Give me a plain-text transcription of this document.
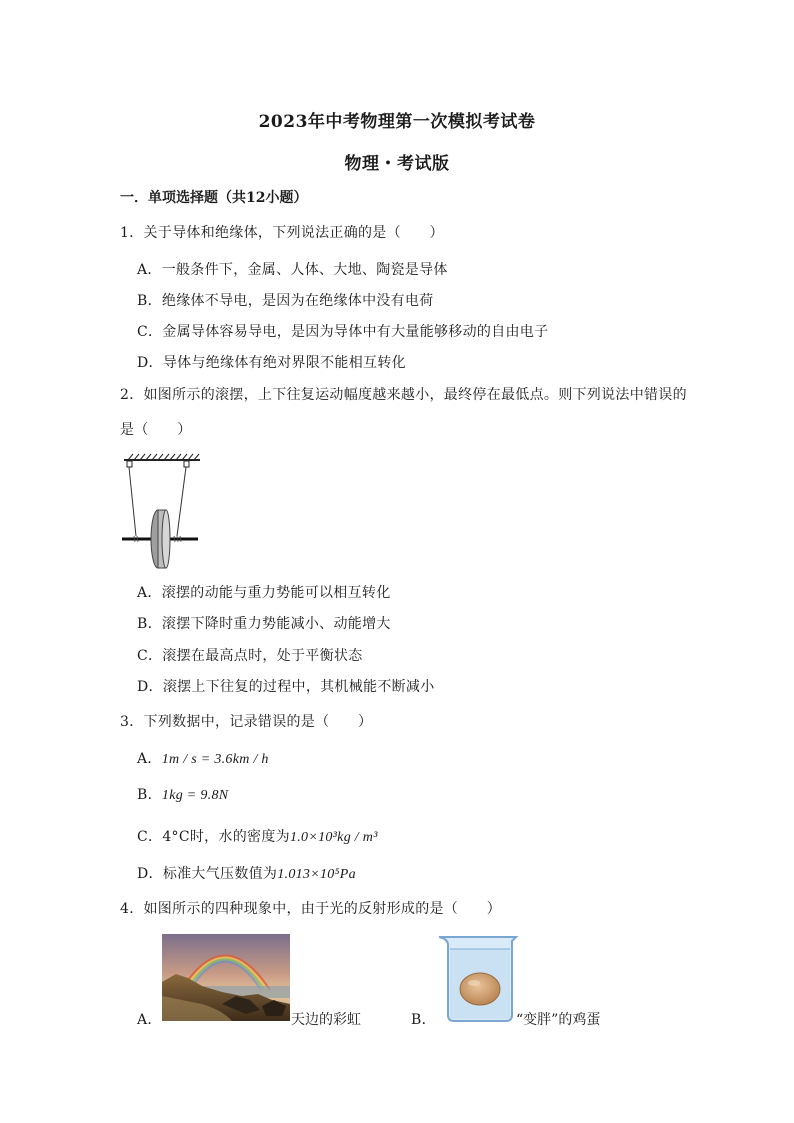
2023年中考物理第一次模拟考试卷
物理・考试版
一．单项选择题（共12小题）
1．关于导体和绝缘体，下列说法正确的是（　　）
A．一般条件下，金属、人体、大地、陶瓷是导体
B．绝缘体不导电，是因为在绝缘体中没有电荷
C．金属导体容易导电，是因为导体中有大量能够移动的自由电子
D．导体与绝缘体有绝对界限不能相互转化
2．如图所示的滚摆，上下往复运动幅度越来越小，最终停在最低点。则下列说法中错误的
是（　　）
A．滚摆的动能与重力势能可以相互转化
B．滚摆下降时重力势能减小、动能增大
C．滚摆在最高点时，处于平衡状态
D．滚摆上下往复的过程中，其机械能不断减小
3．下列数据中，记录错误的是（　　）
A．1m / s = 3.6km / h
B．1kg = 9.8N
C．4°C时，水的密度为1.0×10³kg / m³
D．标准大气压数值为1.013×10⁵Pa
4．如图所示的四种现象中，由于光的反射形成的是（　　）
A．	天边的彩虹	B．	“变胖”的鸡蛋
